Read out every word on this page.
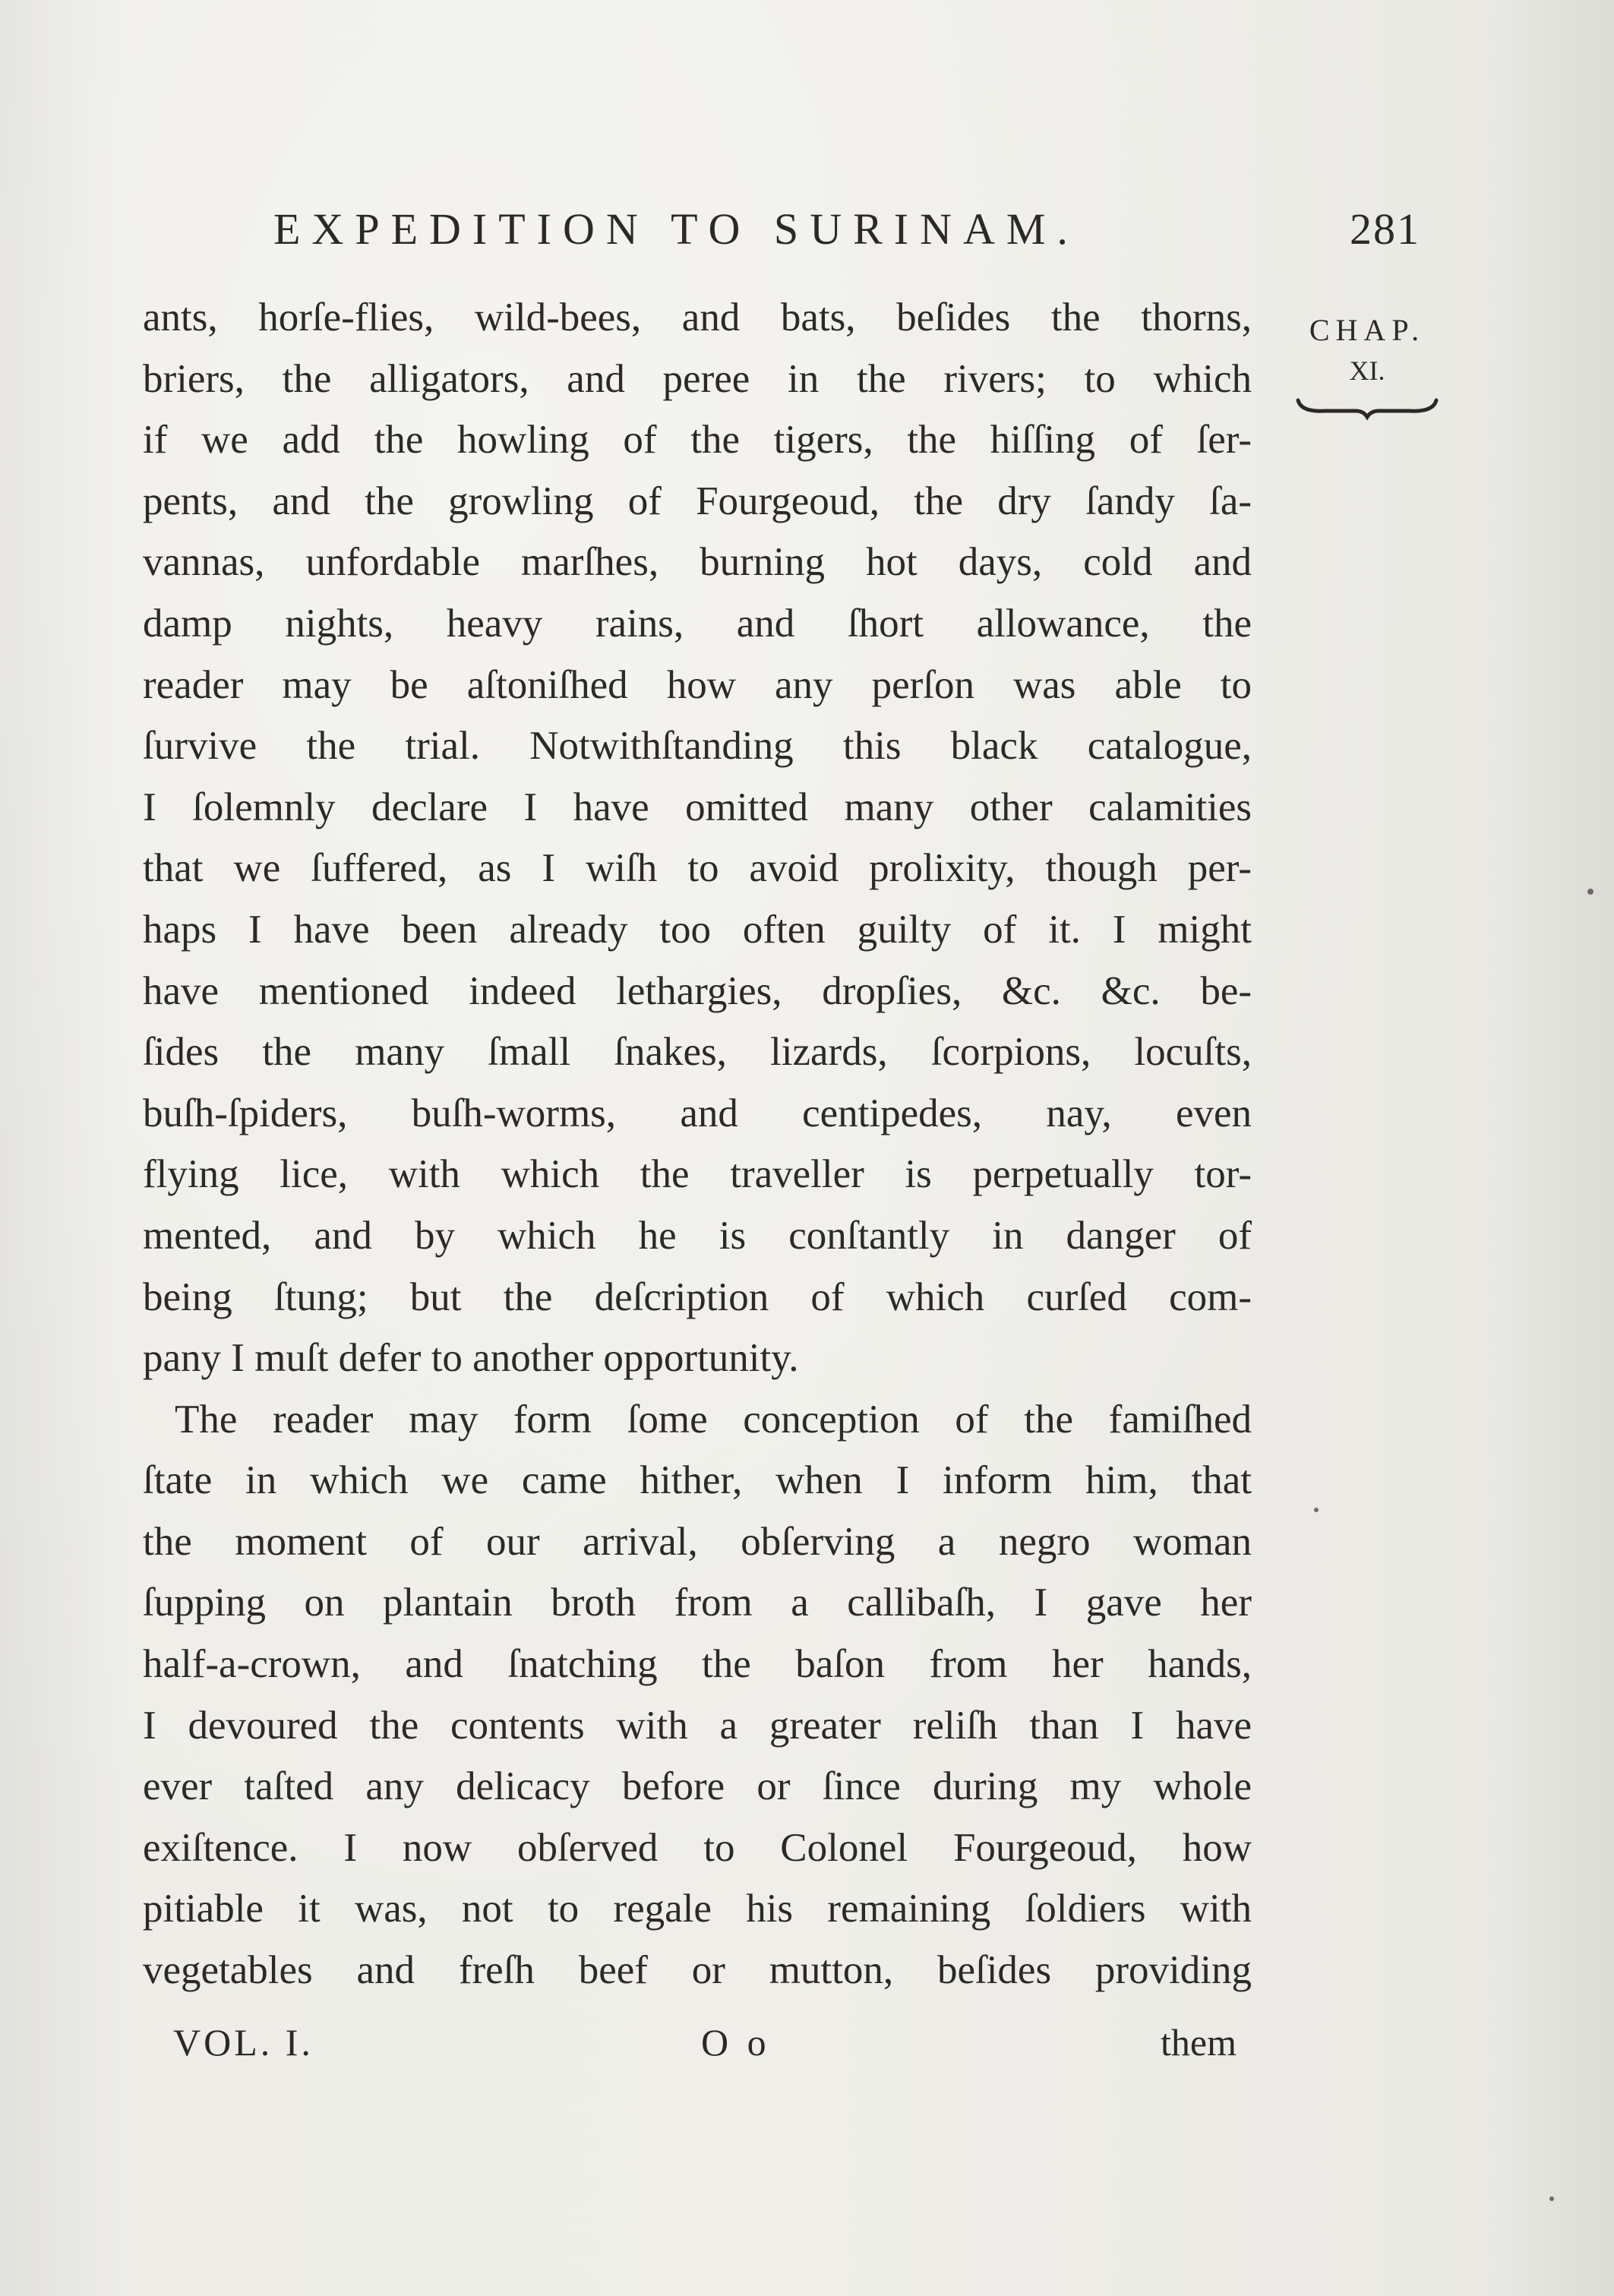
EXPEDITION TO SURINAM.	281
CHAP.
XI.
ants, horſe-flies, wild-bees, and bats, beſides the thorns,
briers, the alligators, and peree in the rivers; to which
if we add the howling of the tigers, the hiſſing of ſer-
pents, and the growling of Fourgeoud, the dry ſandy ſa-
vannas, unfordable marſhes, burning hot days, cold and
damp nights, heavy rains, and ſhort allowance, the
reader may be aſtoniſhed how any perſon was able to
ſurvive the trial. Notwithſtanding this black catalogue,
I ſolemnly declare I have omitted many other calamities
that we ſuffered, as I wiſh to avoid prolixity, though per-
haps I have been already too often guilty of it. I might
have mentioned indeed lethargies, dropſies, &c. &c. be-
ſides the many ſmall ſnakes, lizards, ſcorpions, locuſts,
buſh-ſpiders, buſh-worms, and centipedes, nay, even
flying lice, with which the traveller is perpetually tor-
mented, and by which he is conſtantly in danger of
being ſtung; but the deſcription of which curſed com-
pany I muſt defer to another opportunity.
The reader may form ſome conception of the famiſhed
ſtate in which we came hither, when I inform him, that
the moment of our arrival, obſerving a negro woman
ſupping on plantain broth from a callibaſh, I gave her
half-a-crown, and ſnatching the baſon from her hands,
I devoured the contents with a greater reliſh than I have
ever taſted any delicacy before or ſince during my whole
exiſtence. I now obſerved to Colonel Fourgeoud, how
pitiable it was, not to regale his remaining ſoldiers with
vegetables and freſh beef or mutton, beſides providing
VOL. I.	O o	them
